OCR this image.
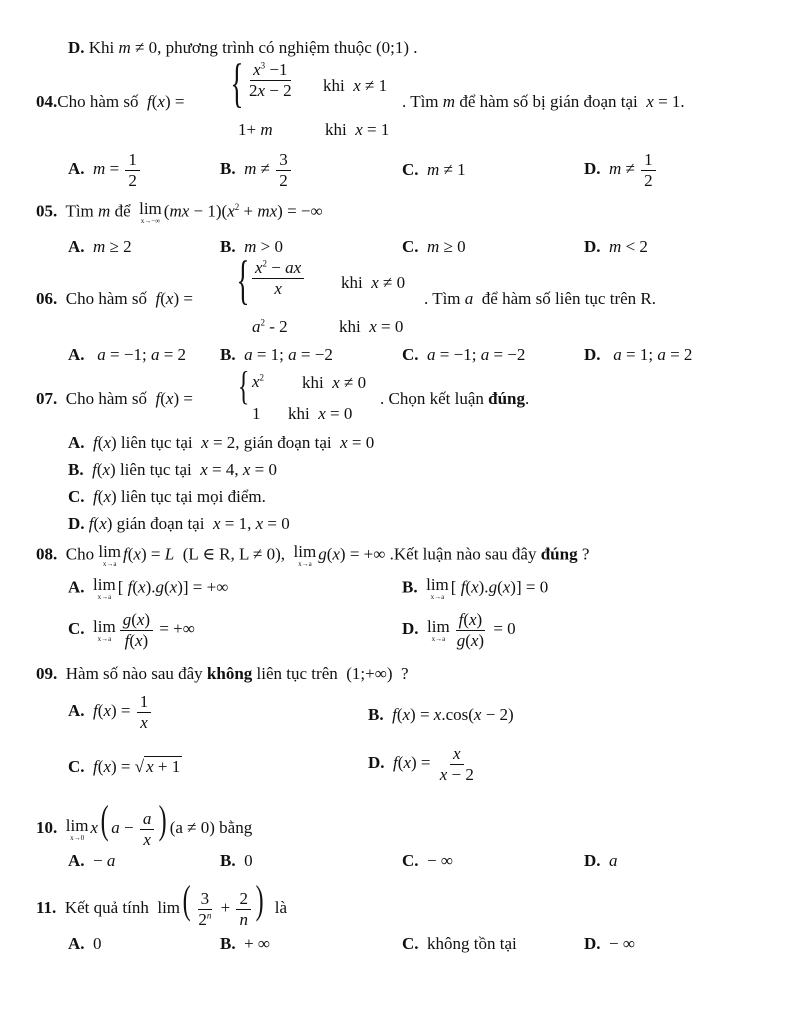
D. Khi m ≠ 0, phương trình có nghiệm thuộc (0;1) .
04.Cho hàm số  f(x) = { $\frac{x^3 -1}{2x - 2}$ khi  x ≠ 1
1+ m	khi  x = 1
. Tìm m để hàm số bị gián đoạn tại  x = 1.
A. $m = \frac{1}{2}$	B. $m \ne \frac{3}{2}$	C. m ≠ 1	D. $m \ne \frac{1}{2}$
05.  Tìm m để lim
x→−∞
$(mx - 1)(x^2 + mx)$ = −∞
A. m ≥ 2	B. m > 0	C. m ≥ 0	D. m < 2
06.  Cho hàm số  f(x) = { $\frac{x^2 - ax}{x}$ khi  x ≠ 0
$a^2 - 2$	khi  x = 0
. Tìm a  để hàm số liên tục trên R.
A. a = −1; a = 2 B. a = 1; a = −2	C. a = −1; a = −2	D. a = 1; a = 2
07.  Cho hàm số  f(x) = { $x^2$ khi  x ≠ 0
1 khi  x = 0
. Chọn kết luận đúng.
A. f(x) liên tục tại  x = 2, gián đoạn tại  x = 0
B. f(x) liên tục tại  x = 4, x = 0
C. f(x) liên tục tại mọi điểm.
D. f(x) gián đoạn tại  x = 1, x = 0
08.  Cho lim
x→a
f(x) = L  (L ∈ R, L ≠ 0), lim
x→a
g(x) = +∞ .Kết luận nào sau đây đúng ?
A. lim
x→a
[ f(x).g(x)] = +∞	B. lim
x→a
[ f(x).g(x)] = 0
C. lim
$x\to a \frac{g(x)}{f(x)}$ = +∞	D. lim
$x\to a \frac{f(x)}{g(x)} = 0$
09.  Hàm số nào sau đây không liên tục trên  (1;+∞)  ?
A. $f(x) = \frac{1}{x}$	B. f(x) = x.cos(x − 2)
C. f(x) = √ x + 1	D. $f(x) = \frac{x}{x - 2}$
10. lim
x→0
x( $a - \frac{a}{x}$ ) (a ≠ 0) bằng
A.  − a	B.  0	C.  − ∞	D. a
11.  Kết quả tính  $\lim( \frac{3}{2^n} + \frac{2}{n}$ )  là
A.  0	B.  + ∞	C.  không tồn tại	D.  − ∞
